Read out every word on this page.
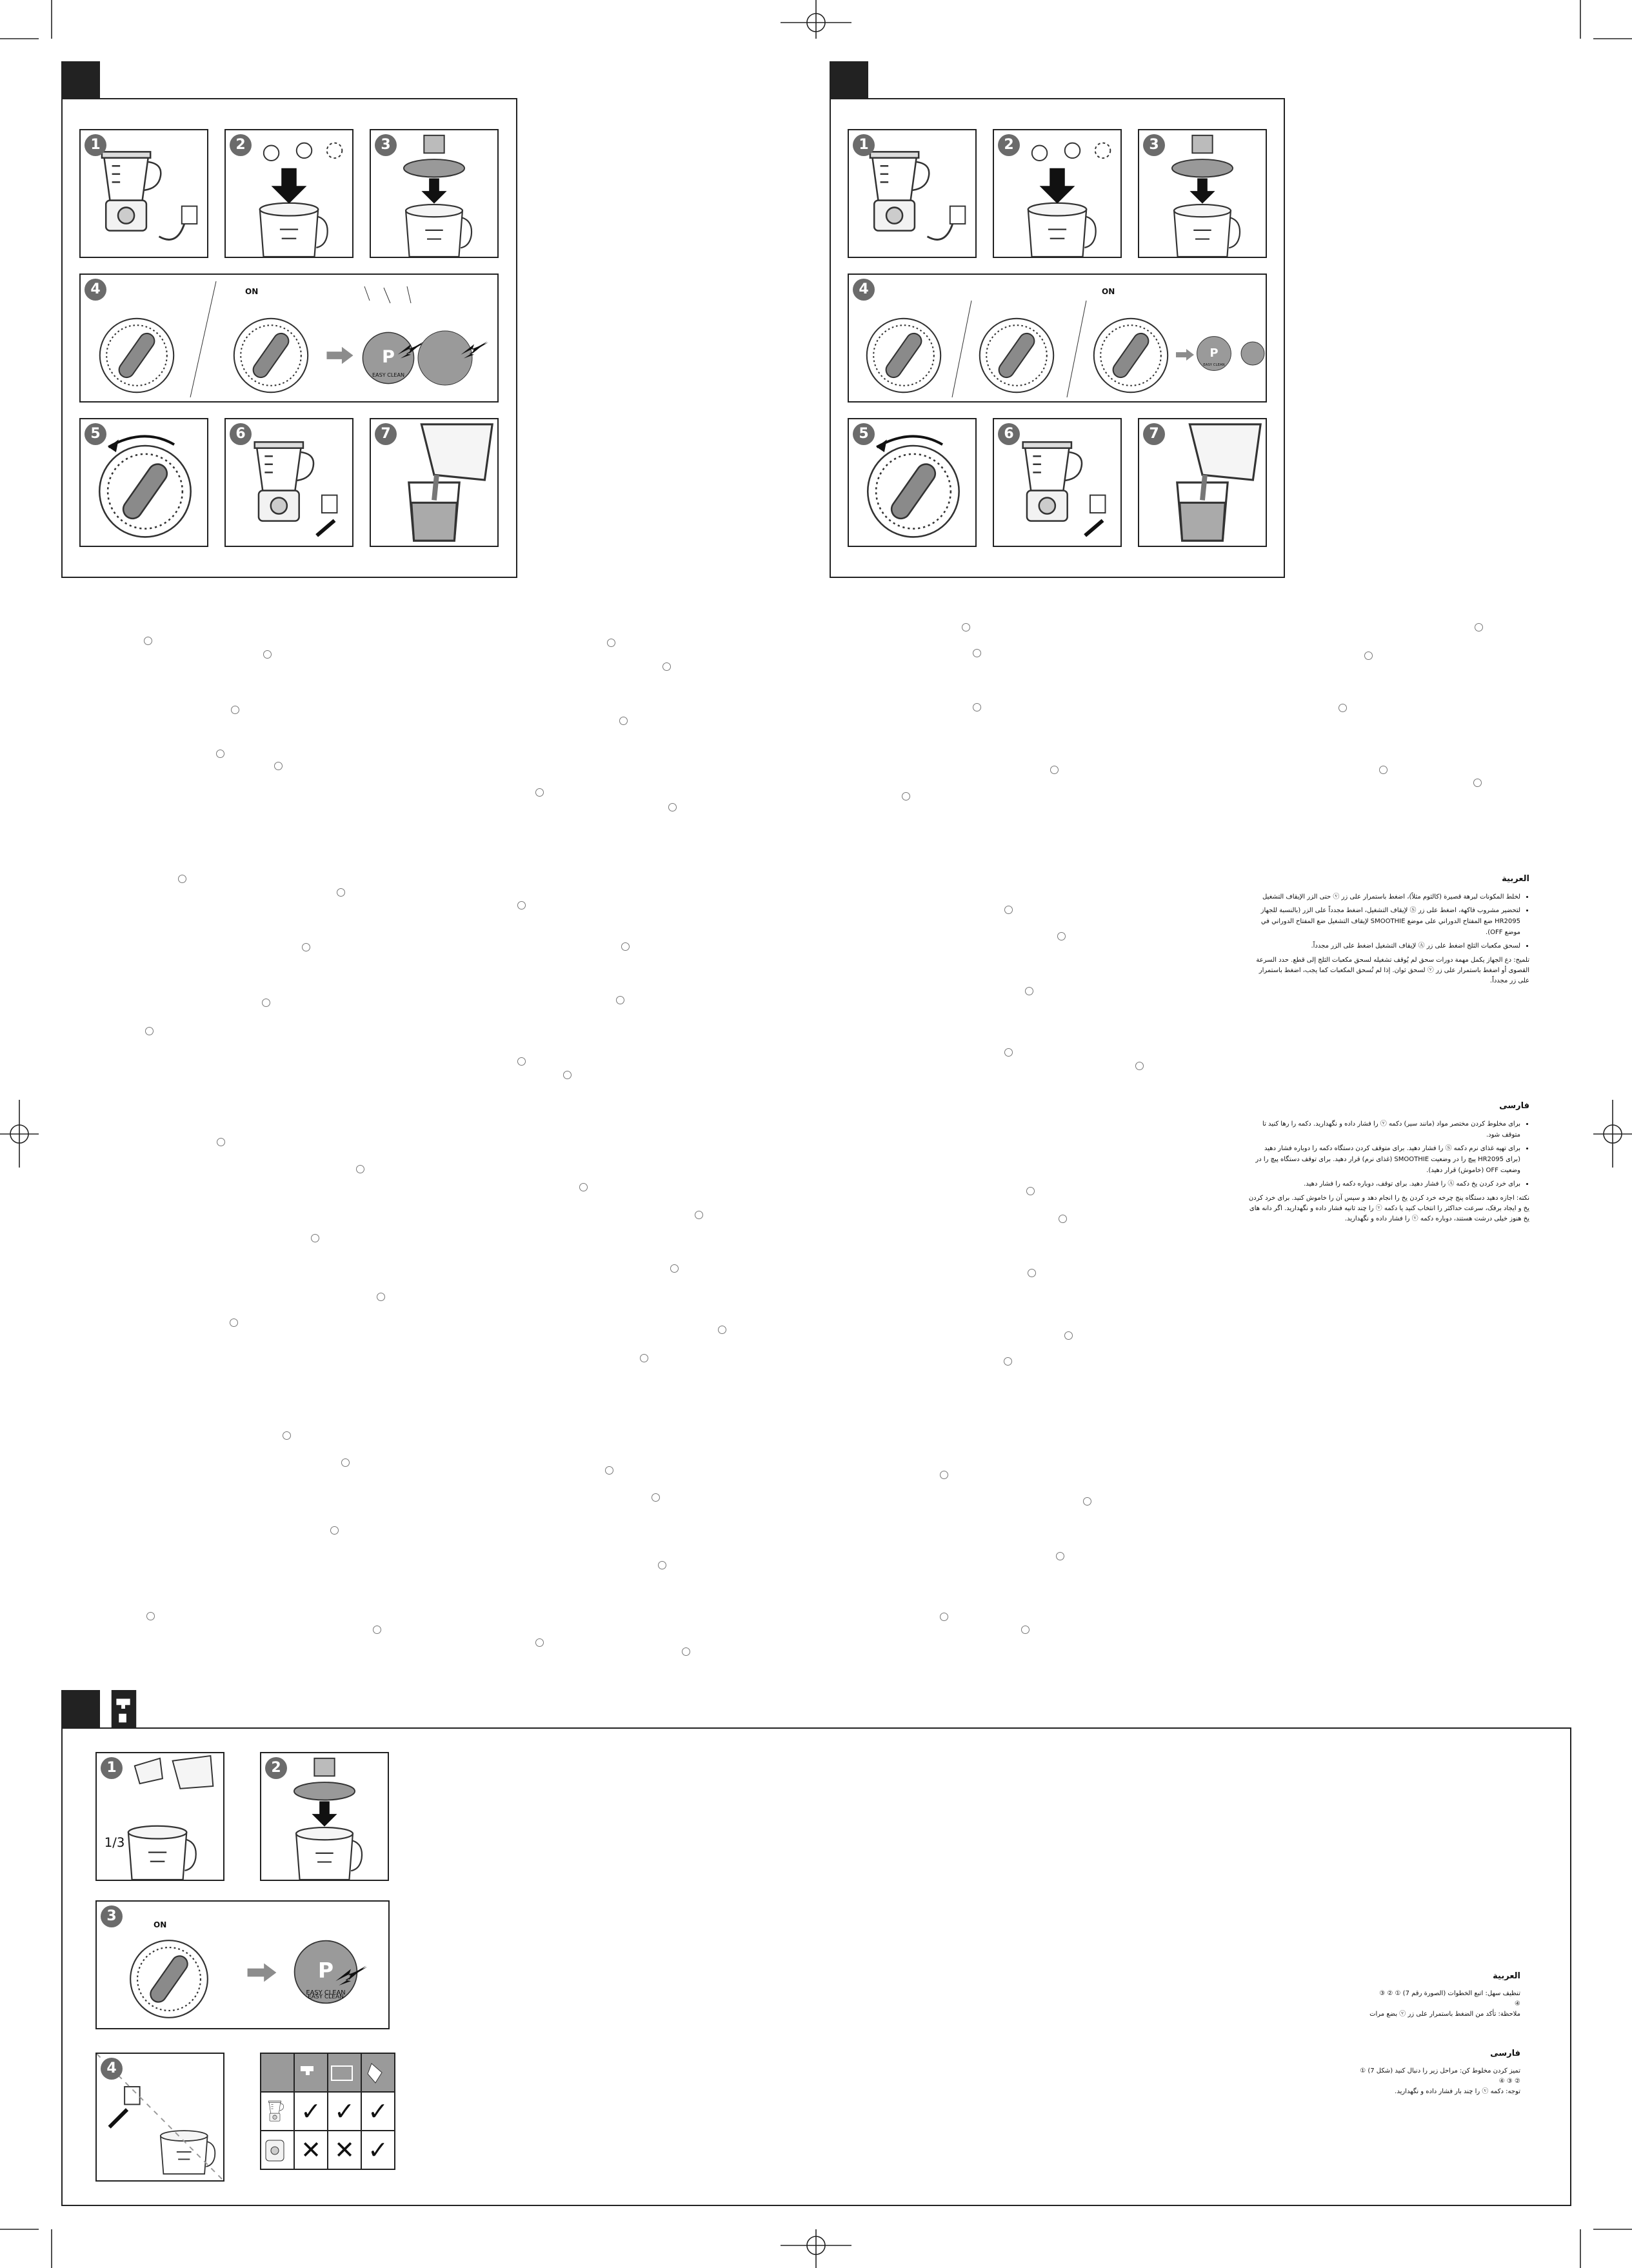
1	2	3
4	ON
5	6	7
1	2	3
4	ON
5	6	7
العربية
• لخلط المكونات لبرهة قصيرة (كالثوم مثلاً)، اضغط باستمرار على زر ⓥ حتى الزر الإيقاف التشغيل
• لتحضير مشروب فاكهة، اضغط على زر Ⓢ لإيقاف التشغيل، اضغط مجدداً على الزر (بالنسبة للجهاز HR2095 ضع المفتاح الدوراني على موضع SMOOTHIE لإيقاف التشغيل ضع المفتاح الدوراني في موضع OFF).
• لسحق مكعبات الثلج اضغط على زر Ⓐ لإيقاف التشغيل اضغط على الزر مجدداً.

تلميح: دع الجهاز يكمل مهمة دورات سحق لم يُوقف تشغيله لسحق مكعبات الثلج إلى قطع. حدد السرعة القصوى أو اضغط باستمرار على زر ⓥ لسحق ثوان. إذا لم تُسحق المكعبات كما يجب، اضغط باستمرار على زر مجدداً.

فارسی
• برای مخلوط کردن مختصر مواد (مانند سیر) دکمه ⓥ را فشار داده و نگهدارید. دکمه را رها کنید تا متوقف شود.
• برای تهیه غذای نرم دکمه Ⓢ را فشار دهید. برای متوقف کردن دستگاه دکمه را دوباره فشار دهید (برای HR2095 پیچ را در وضعیت SMOOTHIE (غذای نرم) قرار دهید. برای توقف دستگاه پیچ را در وضعیت OFF (خاموش) قرار دهید).
• برای خرد کردن یخ دکمه Ⓐ را فشار دهید. برای توقف، دوباره دکمه را فشار دهید.

نکته: اجازه دهید دستگاه پنج چرخه خرد کردن یخ را انجام دهد و سپس آن را خاموش کنید. برای خرد کردن یخ و ایجاد برفک، سرعت حداکثر را انتخاب کنید یا دکمه ⓥ را چند ثانیه فشار داده و نگهدارید. اگر دانه های یخ هنوز خیلی درشت هستند، دوباره دکمه ⓥ را فشار داده و نگهدارید.

1
1/3
2
3
ON
EASY CLEAN
4

	✓	✓	✓

	✕	✕	✓
العربية

تنظيف سهل: اتبع الخطوات (الصورة رقم 7) ① ② ③

④

ملاحظة: تأكد من الضغط باستمرار على زر ⓥ بضع مرات

فارسی

تمیز کردن مخلوط کن: مراحل زیر را دنبال کنید (شکل 7) ①

② ③ ④

توجه: دکمه ⓥ را چند بار فشار داده و نگهدارید.
